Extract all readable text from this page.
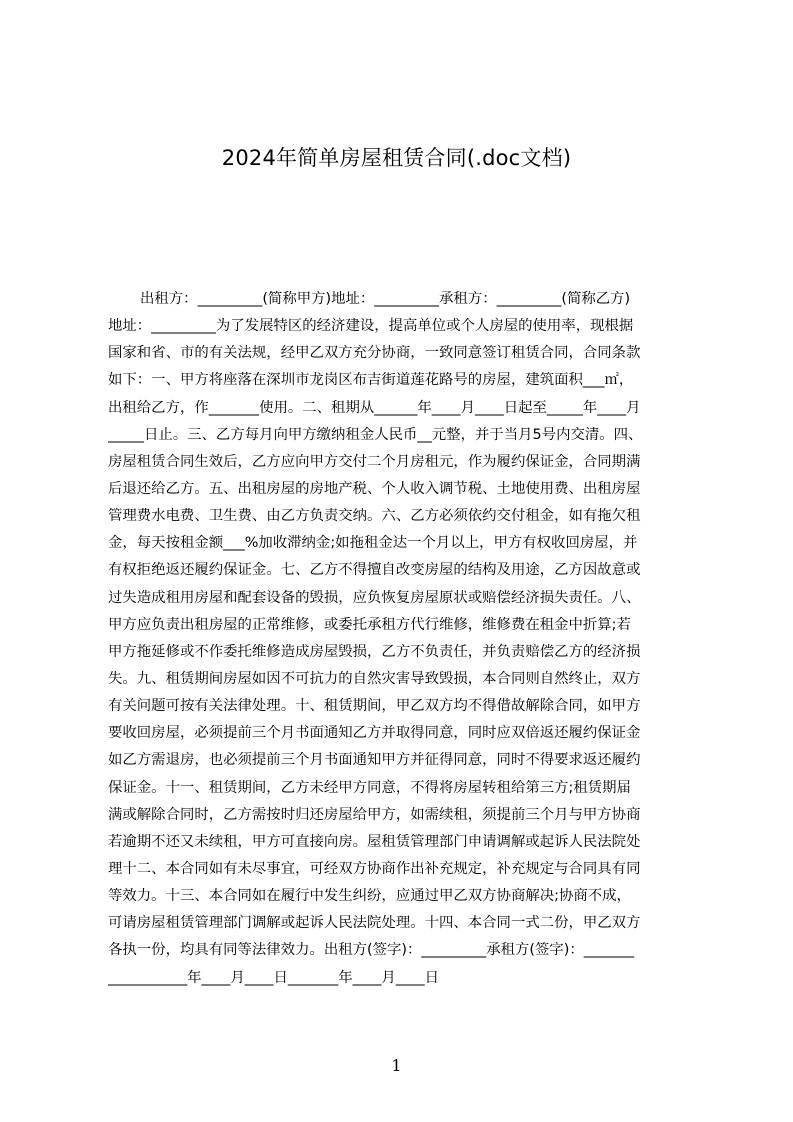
2024年简单房屋租赁合同(.doc文档)
出租方：_________(简称甲方)地址：_________承租方：_________(简称乙方)
地址：_________为了发展特区的经济建设，提高单位或个人房屋的使用率，现根据
国家和省、市的有关法规，经甲乙双方充分协商，一致同意签订租赁合同，合同条款
如下：一、甲方将座落在深圳市龙岗区布吉街道莲花路号的房屋，建筑面积___㎡，
出租给乙方，作_______使用。二、租期从______年____月____日起至_____年____月
_____日止。三、乙方每月向甲方缴纳租金人民币__元整，并于当月5号内交清。四、
房屋租赁合同生效后，乙方应向甲方交付二个月房租元，作为履约保证金，合同期满
后退还给乙方。五、出租房屋的房地产税、个人收入调节税、土地使用费、出租房屋
管理费水电费、卫生费、由乙方负责交纳。六、乙方必须依约交付租金，如有拖欠租
金，每天按租金额___%加收滞纳金;如拖租金达一个月以上，甲方有权收回房屋，并
有权拒绝返还履约保证金。七、乙方不得擅自改变房屋的结构及用途，乙方因故意或
过失造成租用房屋和配套设备的毁损，应负恢复房屋原状或赔偿经济损失责任。八、
甲方应负责出租房屋的正常维修，或委托承租方代行维修，维修费在租金中折算;若
甲方拖延修或不作委托维修造成房屋毁损，乙方不负责任，并负责赔偿乙方的经济损
失。九、租赁期间房屋如因不可抗力的自然灾害导致毁损，本合同则自然终止，双方
有关问题可按有关法律处理。十、租赁期间，甲乙双方均不得借故解除合同，如甲方
要收回房屋，必须提前三个月书面通知乙方并取得同意，同时应双倍返还履约保证金
如乙方需退房，也必须提前三个月书面通知甲方并征得同意，同时不得要求返还履约
保证金。十一、租赁期间，乙方未经甲方同意，不得将房屋转租给第三方;租赁期届
满或解除合同时，乙方需按时归还房屋给甲方，如需续租，须提前三个月与甲方协商
若逾期不还又未续租，甲方可直接向房。屋租赁管理部门申请调解或起诉人民法院处
理十二、本合同如有未尽事宜，可经双方协商作出补充规定，补充规定与合同具有同
等效力。十三、本合同如在履行中发生纠纷，应通过甲乙双方协商解决;协商不成，
可请房屋租赁管理部门调解或起诉人民法院处理。十四、本合同一式二份，甲乙双方
各执一份，均具有同等法律效力。出租方(签字)：_________承租方(签字)：_______
___________年____月____日_______年____月____日
1
